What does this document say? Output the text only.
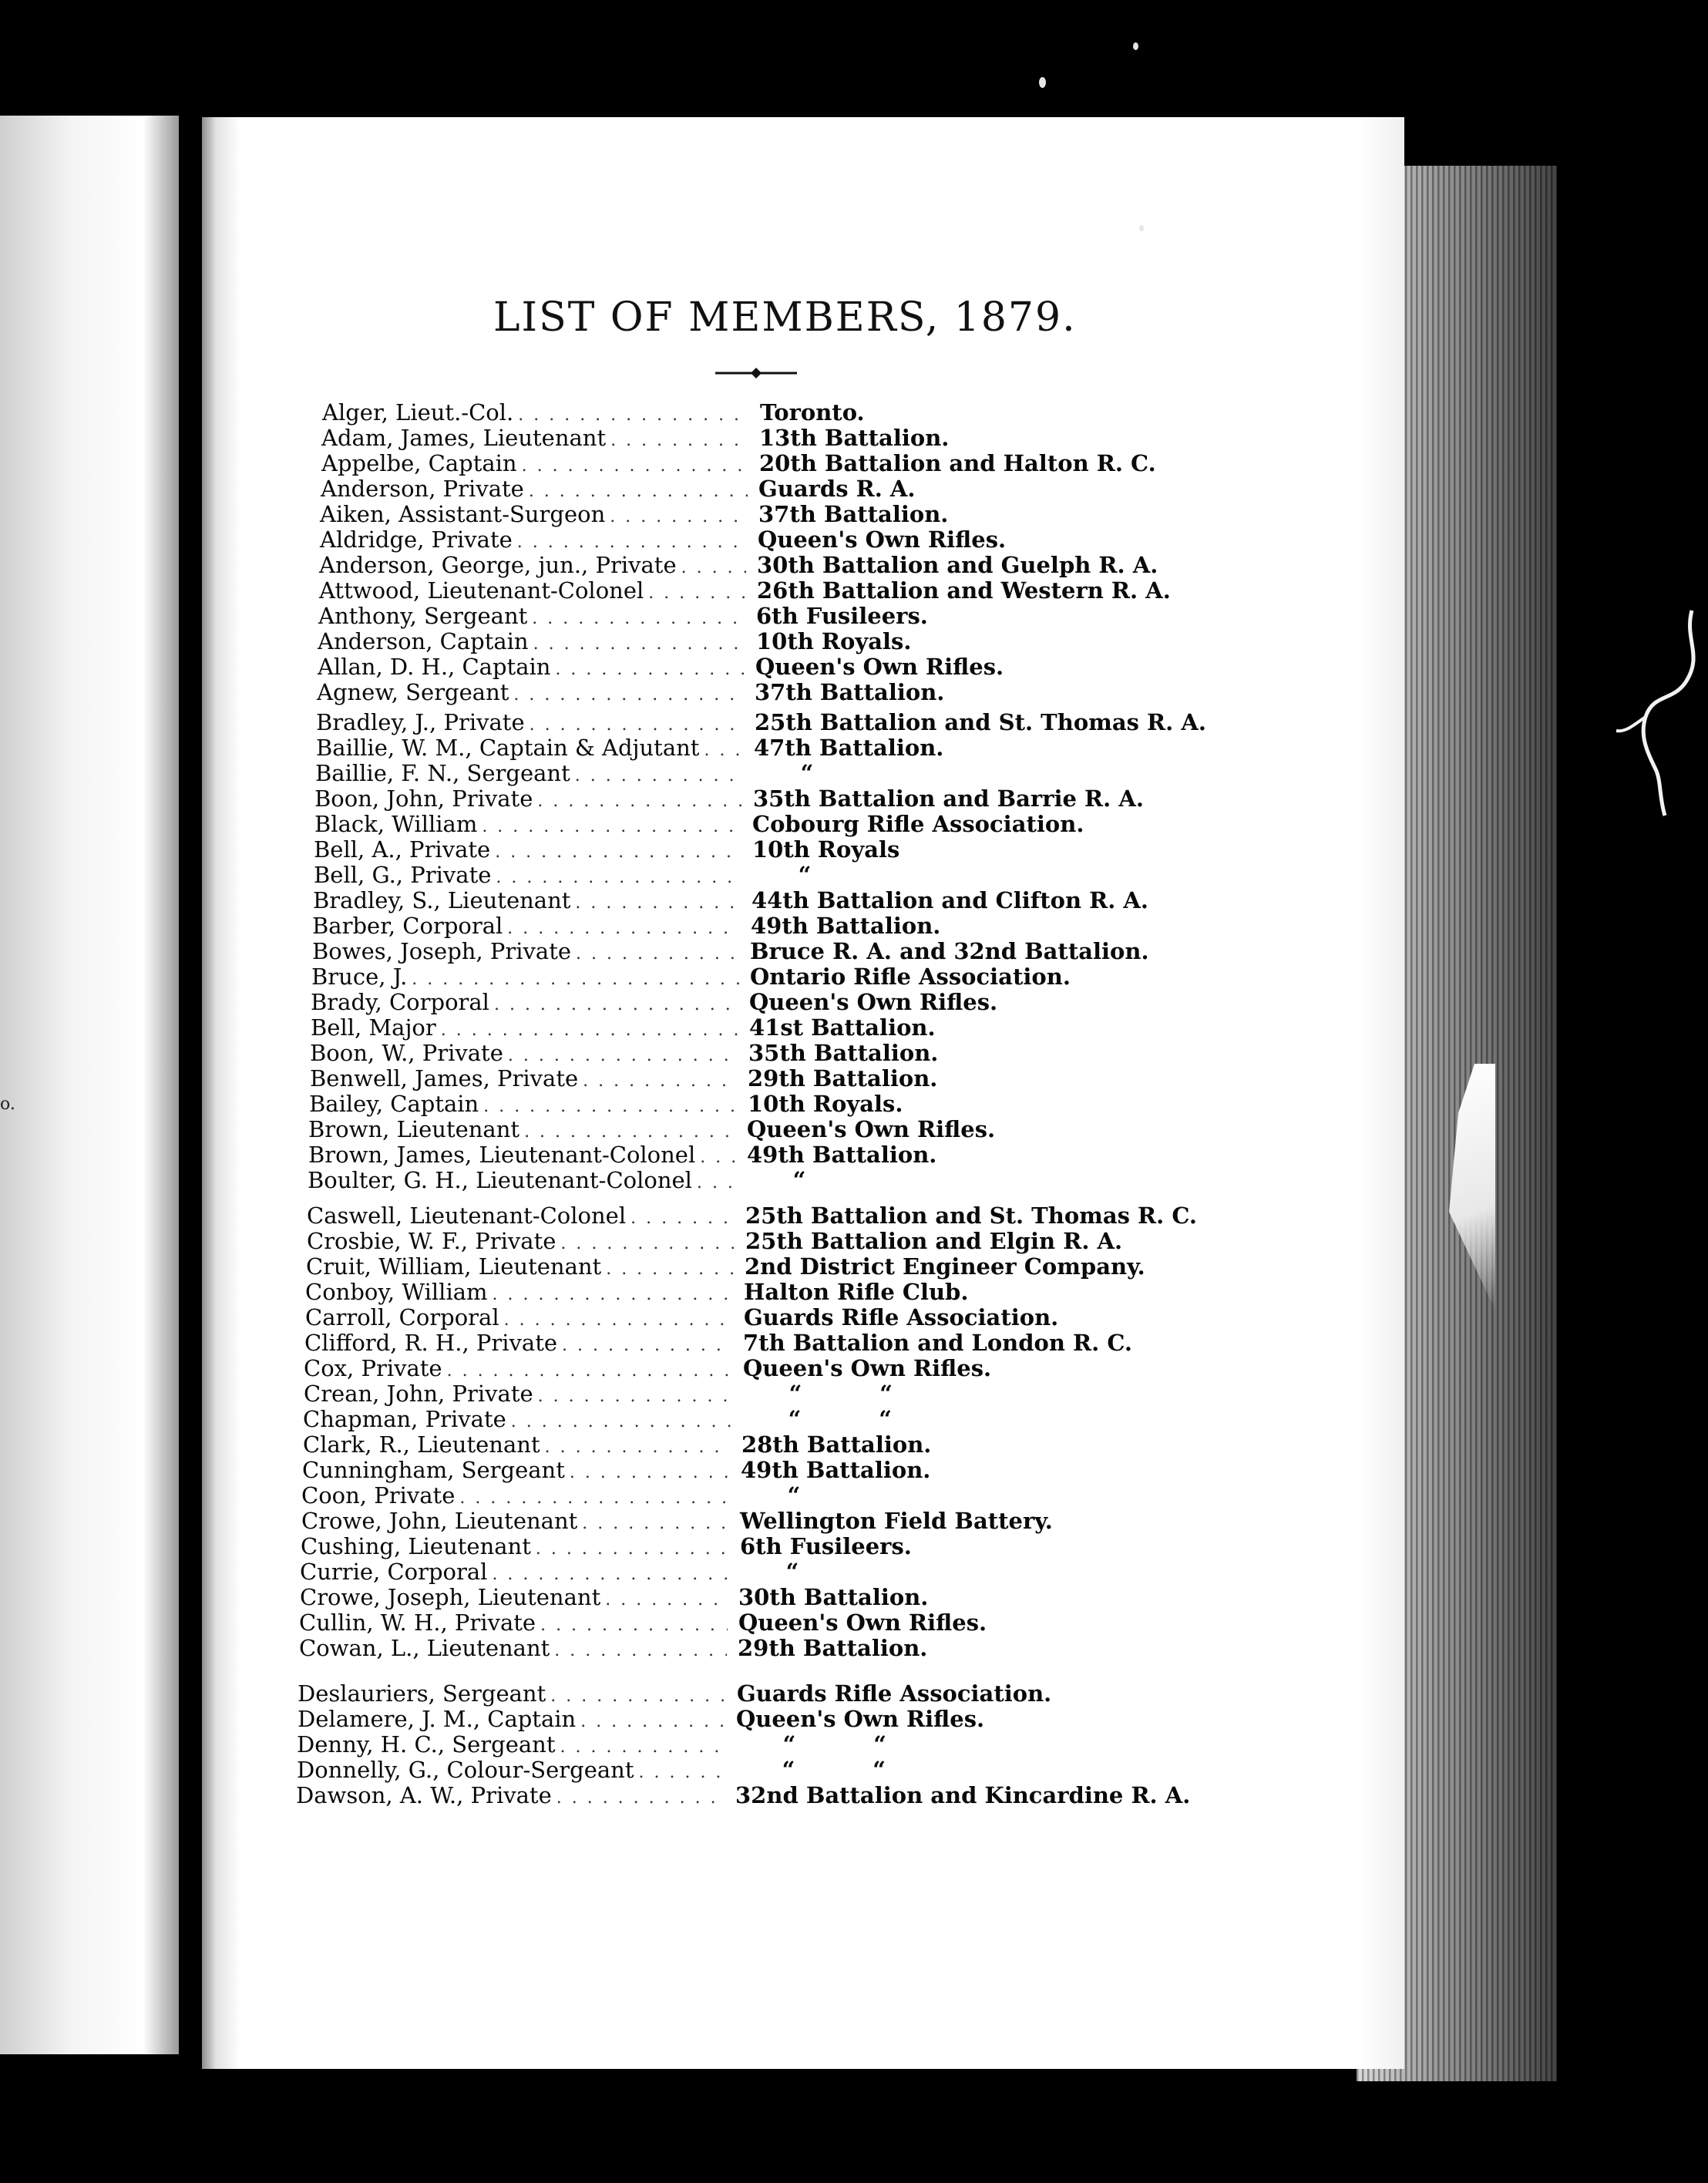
o.
LIST OF MEMBERS, 1879.
Alger, Lieut.-Col. . . .	Toronto.
Adam, James, Lieutenant . . .	13th Battalion.
Appelbe, Captain . . .	20th Battalion and Halton R. C.
Anderson, Private . . .	Guards R. A.
Aiken, Assistant-Surgeon . . .	37th Battalion.
Aldridge, Private . . .	Queen's Own Rifles.
Anderson, George, jun., Private . . .	30th Battalion and Guelph R. A.
Attwood, Lieutenant-Colonel . . .	26th Battalion and Western R. A.
Anthony, Sergeant . . .	6th Fusileers.
Anderson, Captain . . .	10th Royals.
Allan, D. H., Captain . . .	Queen's Own Rifles.
Agnew, Sergeant . . .	37th Battalion.
Bradley, J., Private . . .	25th Battalion and St. Thomas R. A.
Baillie, W. M., Captain & Adjutant . . . 47th Battalion.
Baillie, F. N., Sergeant . . .	“
Boon, John, Private . . .	35th Battalion and Barrie R. A.
Black, William . . .	Cobourg Rifle Association.
Bell, A., Private . . .	10th Royals
Bell, G., Private . . .	“
Bradley, S., Lieutenant . . .	44th Battalion and Clifton R. A.
Barber, Corporal . . .	49th Battalion.
Bowes, Joseph, Private . . .	Bruce R. A. and 32nd Battalion.
Bruce, J. . . .	Ontario Rifle Association.
Brady, Corporal . . .	Queen's Own Rifles.
Bell, Major . . .	41st Battalion.
Boon, W., Private . . .	35th Battalion.
Benwell, James, Private . . .	29th Battalion.
Bailey, Captain . . .	10th Royals.
Brown, Lieutenant . . .	Queen's Own Rifles.
Brown, James, Lieutenant-Colonel . . . 49th Battalion.
Boulter, G. H., Lieutenant-Colonel . . . “
Caswell, Lieutenant-Colonel . . .	25th Battalion and St. Thomas R. C.
Crosbie, W. F., Private . . .	25th Battalion and Elgin R. A.
Cruit, William, Lieutenant . . .	2nd District Engineer Company.
Conboy, William . . .	Halton Rifle Club.
Carroll, Corporal . . .	Guards Rifle Association.
Clifford, R. H., Private . . .	7th Battalion and London R. C.
Cox, Private . . .	Queen's Own Rifles.
Crean, John, Private . . .	“          “
Chapman, Private . . .	“          “
Clark, R., Lieutenant . . .	28th Battalion.
Cunningham, Sergeant . . .	49th Battalion.
Coon, Private . . .	“
Crowe, John, Lieutenant . . .	Wellington Field Battery.
Cushing, Lieutenant . . .	6th Fusileers.
Currie, Corporal . . .	“
Crowe, Joseph, Lieutenant . . .	30th Battalion.
Cullin, W. H., Private . . .	Queen's Own Rifles.
Cowan, L., Lieutenant . . .	29th Battalion.
Deslauriers, Sergeant . . .	Guards Rifle Association.
Delamere, J. M., Captain . . .	Queen's Own Rifles.
Denny, H. C., Sergeant . . .	“          “
Donnelly, G., Colour-Sergeant . . .	“          “
Dawson, A. W., Private . . .	32nd Battalion and Kincardine R. A.
